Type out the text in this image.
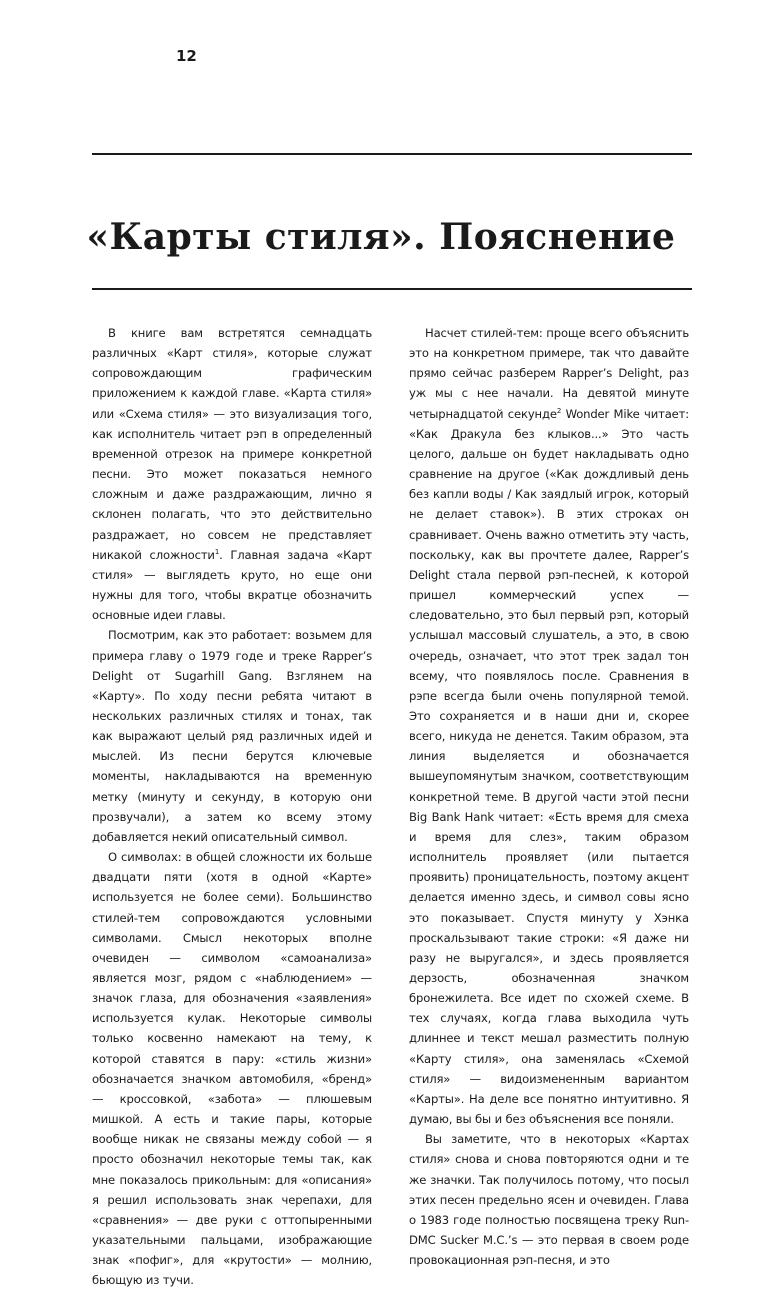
12
«Карты стиля». Пояснение

В книге вам встретятся семнадцать различных «Карт стиля», которые служат сопровождающим графическим приложением к каждой главе. «Карта стиля» или «Схема стиля» — это визуализация того, как исполнитель читает рэп в определенный временной отрезок на примере конкретной песни. Это может показаться немного сложным и даже раздражающим, лично я склонен полагать, что это действительно раздражает, но совсем не представляет никакой сложности$^1$. Главная задача «Карт стиля» — выглядеть круто, но еще они нужны для того, чтобы вкратце обозначить основные идеи главы.

Посмотрим, как это работает: возьмем для примера главу о 1979 годе и треке Rapper’s Delight от Sugarhill Gang. Взглянем на «Карту». По ходу песни ребята читают в нескольких различных стилях и тонах, так как выражают целый ряд различных идей и мыслей. Из песни берутся ключевые моменты, накладываются на временную метку (минуту и секунду, в которую они прозвучали), а затем ко всему этому добавляется некий описательный символ.

О символах: в общей сложности их больше двадцати пяти (хотя в одной «Карте» используется не более семи). Большинство стилей-тем сопровождаются условными символами. Смысл некоторых вполне очевиден — символом «самоанализа» является мозг, рядом с «наблюдением» — значок глаза, для обозначения «заявления» используется кулак. Некоторые символы только косвенно намекают на тему, к которой ставятся в пару: «стиль жизни» обозначается значком автомобиля, «бренд» — кроссовкой, «забота» — плюшевым мишкой. А есть и такие пары, которые вообще никак не связаны между собой — я просто обозначил некоторые темы так, как мне показалось прикольным: для «описания» я решил использовать знак черепахи, для «сравнения» — две руки с оттопыренными указательными пальцами, изображающие знак «пофиг», для «крутости» — молнию, бьющую из тучи.

Насчет стилей-тем: проще всего объяснить это на конкретном примере, так что давайте прямо сейчас разберем Rapper’s Delight, раз уж мы с нее начали. На девятой минуте четырнадцатой секунде$^2$ Wonder Mike читает: «Как Дракула без клыков...» Это часть целого, дальше он будет накладывать одно сравнение на другое («Как дождливый день без капли воды / Как заядлый игрок, который не делает ставок»). В этих строках он сравнивает. Очень важно отметить эту часть, поскольку, как вы прочтете далее, Rapper’s Delight стала первой рэп-песней, к которой пришел коммерческий успех — следовательно, это был первый рэп, который услышал массовый слушатель, а это, в свою очередь, означает, что этот трек задал тон всему, что появлялось после. Сравнения в рэпе всегда были очень популярной темой. Это сохраняется и в наши дни и, скорее всего, никуда не денется. Таким образом, эта линия выделяется и обозначается вышеупомянутым значком, соответствующим конкретной теме. В другой части этой песни Big Bank Hank читает: «Есть время для смеха и время для слез», таким образом исполнитель проявляет (или пытается проявить) проницательность, поэтому акцент делается именно здесь, и символ совы ясно это показывает. Спустя минуту у Хэнка проскальзывают такие строки: «Я даже ни разу не выругался», и здесь проявляется дерзость, обозначенная значком бронежилета. Все идет по схожей схеме. В тех случаях, когда глава выходила чуть длиннее и текст мешал разместить полную «Карту стиля», она заменялась «Схемой стиля» — видоизмененным вариантом «Карты». На деле все понятно интуитивно. Я думаю, вы бы и без объяснения все поняли.

Вы заметите, что в некоторых «Картах стиля» снова и снова повторяются одни и те же значки. Так получилось потому, что посыл этих песен предельно ясен и очевиден. Глава о 1983 годе полностью посвящена треку Run-DMC Sucker M.C.’s — это первая в своем роде провокационная рэп-песня, и это
